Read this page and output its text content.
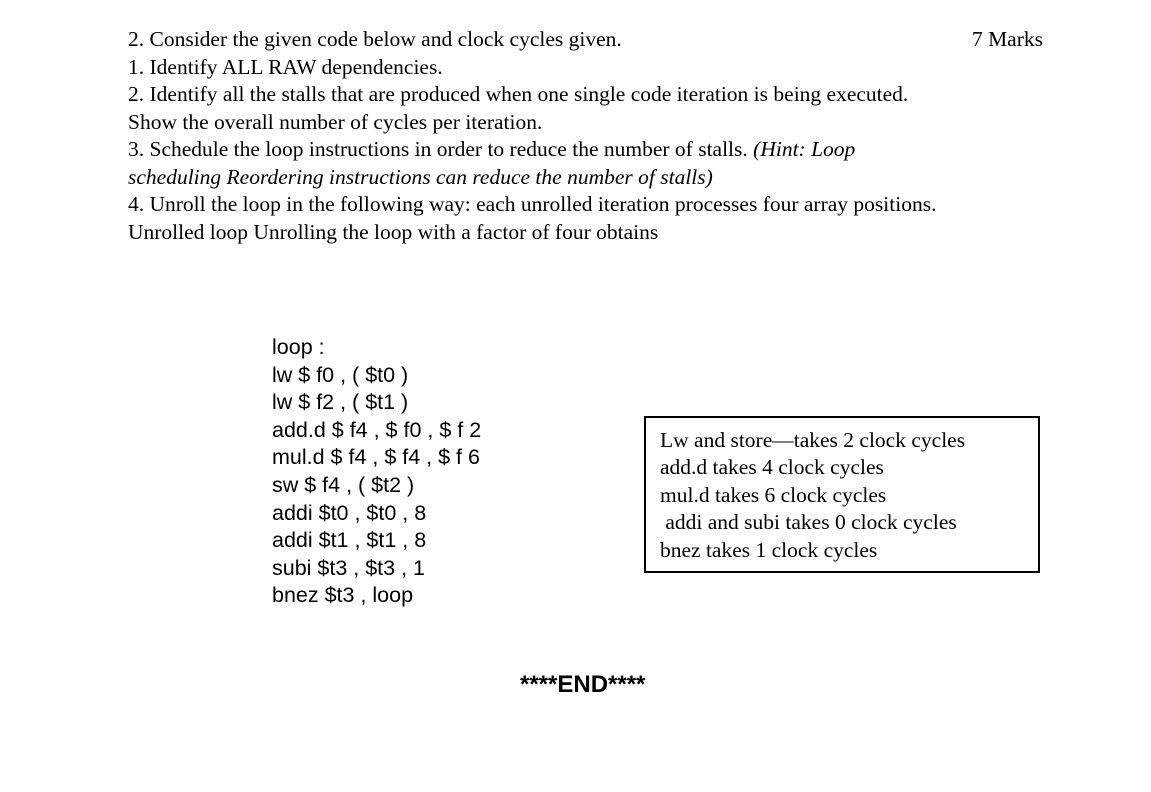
2. Consider the given code below and clock cycles given.	7 Marks
1. Identify ALL RAW dependencies.
2. Identify all the stalls that are produced when one single code iteration is being executed.
Show the overall number of cycles per iteration.
3. Schedule the loop instructions in order to reduce the number of stalls. (Hint: Loop
scheduling Reordering instructions can reduce the number of stalls)
4. Unroll the loop in the following way: each unrolled iteration processes four array positions.
Unrolled loop Unrolling the loop with a factor of four obtains
loop :
lw $ f0 , ( $t0 )
lw $ f2 , ( $t1 )
add.d $ f4 , $ f0 , $ f 2
mul.d $ f4 , $ f4 , $ f 6
sw $ f4 , ( $t2 )
addi $t0 , $t0 , 8
addi $t1 , $t1 , 8
subi $t3 , $t3 , 1
bnez $t3 , loop
Lw and store—takes 2 clock cycles
add.d takes 4 clock cycles
mul.d takes 6 clock cycles
addi and subi takes 0 clock cycles
bnez takes 1 clock cycles
****END****
